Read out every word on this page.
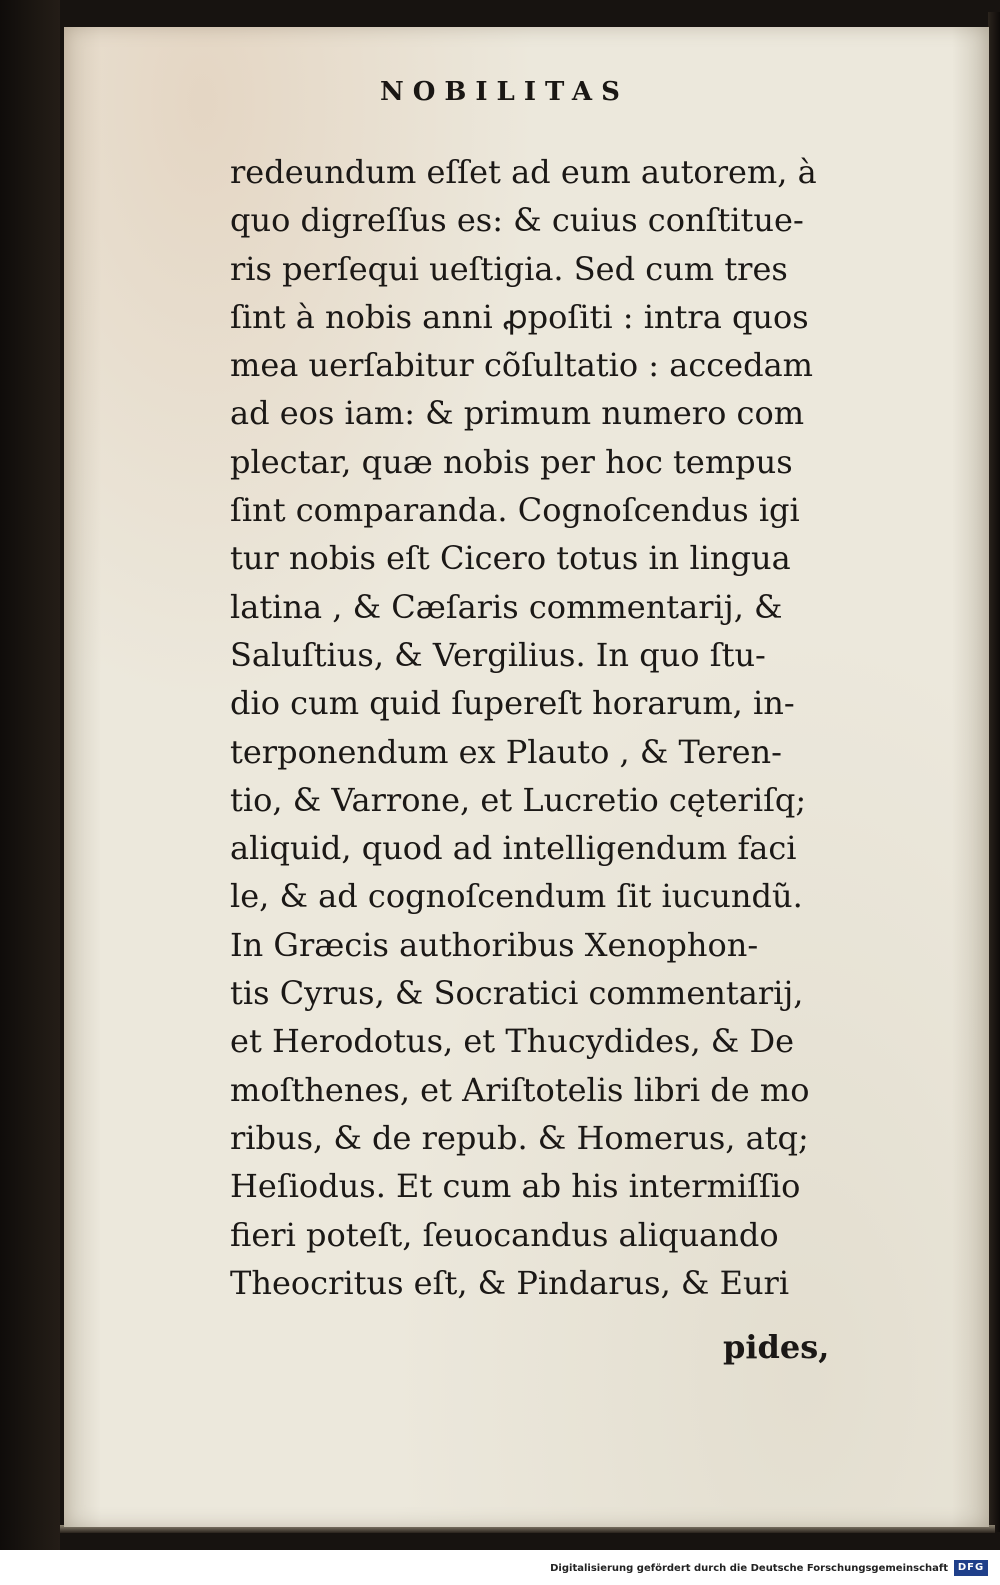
NOBILITAS
redeundum eſſet ad eum autorem, à
quo digreſſus es: & cuius conſtitue-
ris perſequi ueſtigia. Sed cum tres
ſint à nobis anni ꝓpoſiti : intra quos
mea uerſabitur cõſultatio : accedam
ad eos iam: & primum numero com
plectar, quæ nobis per hoc tempus
ſint comparanda. Cognoſcendus igi
tur nobis eſt Cicero totus in lingua
latina , & Cæſaris commentarij, &
Saluſtius, & Vergilius. In quo ſtu-
dio cum quid ſupereſt horarum, in-
terponendum ex Plauto , & Teren-
tio, & Varrone, et Lucretio cęteriſq;
aliquid, quod ad intelligendum faci
le, & ad cognoſcendum ſit iucundũ.
In Græcis authoribus Xenophon-
tis Cyrus, & Socratici commentarij,
et Herodotus, et Thucydides, & De
moſthenes, et Ariſtotelis libri de mo
ribus, & de repub. & Homerus, atq;
Heſiodus. Et cum ab his intermiſſio
fieri poteſt, ſeuocandus aliquando
Theocritus eſt, & Pindarus, & Euri
pides,
Digitalisierung gefördert durch die Deutsche Forschungsgemeinschaft DFG
